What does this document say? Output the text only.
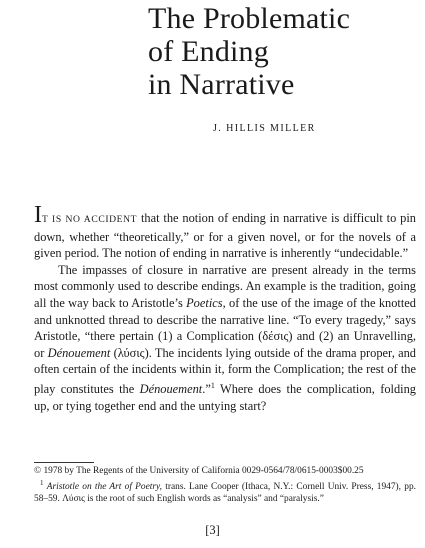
The Problematic
of Ending
in Narrative
J. HILLIS MILLER

IT IS NO ACCIDENT that the notion of ending in narrative is difficult to pin down, whether “theoretically,” or for a given novel, or for the novels of a given period. The notion of ending in narrative is inherently “undecidable.”

The impasses of closure in narrative are present already in the terms most commonly used to describe endings. An example is the tradition, going all the way back to Aristotle’s Poetics, of the use of the image of the knotted and unknotted thread to describe the narrative line. “To every tragedy,” says Aristotle, “there pertain (1) a Complication (δέσις) and (2) an Unravelling, or Dénouement (λύσις). The incidents lying outside of the drama proper, and often certain of the incidents within it, form the Complication; the rest of the play constitutes the Dénouement.”$^1$ Where does the complication, folding up, or tying together end and the untying start?

© 1978 by The Regents of the University of California 0029-0564/78/0615-0003$00.25

$^1$ Aristotle on the Art of Poetry, trans. Lane Cooper (Ithaca, N.Y.: Cornell Univ. Press, 1947), pp. 58–59. Λύσις is the root of such English words as “analysis” and “paralysis.”

[3]
